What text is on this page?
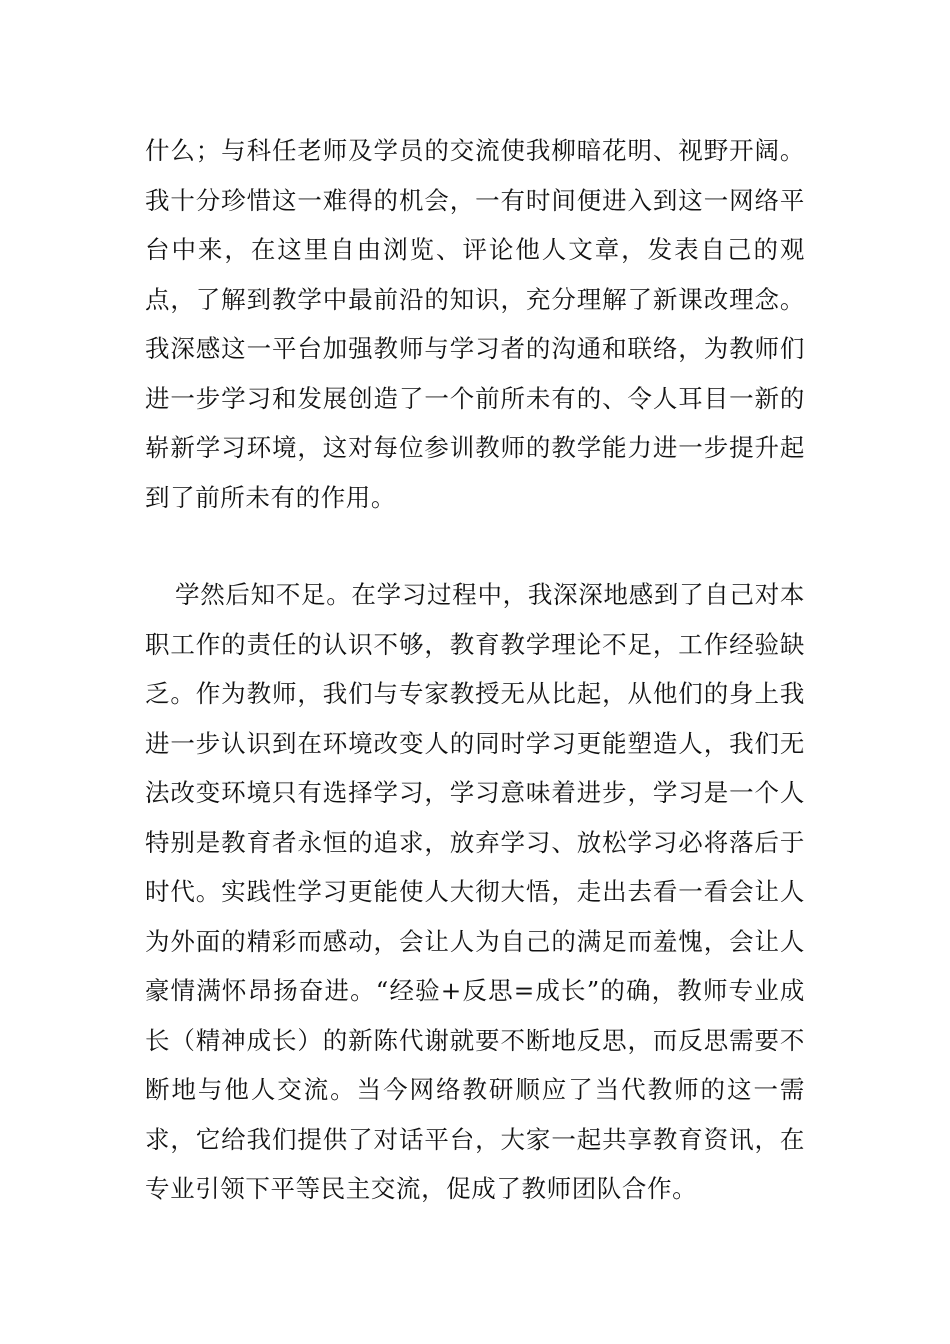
什么；与科任老师及学员的交流使我柳暗花明、视野开阔。我十分珍惜这一难得的机会，一有时间便进入到这一网络平台中来，在这里自由浏览、评论他人文章，发表自己的观点，了解到教学中最前沿的知识，充分理解了新课改理念。我深感这一平台加强教师与学习者的沟通和联络，为教师们进一步学习和发展创造了一个前所未有的、令人耳目一新的崭新学习环境，这对每位参训教师的教学能力进一步提升起到了前所未有的作用。

学然后知不足。在学习过程中，我深深地感到了自己对本职工作的责任的认识不够，教育教学理论不足，工作经验缺乏。作为教师，我们与专家教授无从比起，从他们的身上我进一步认识到在环境改变人的同时学习更能塑造人，我们无法改变环境只有选择学习，学习意味着进步，学习是一个人特别是教育者永恒的追求，放弃学习、放松学习必将落后于时代。实践性学习更能使人大彻大悟，走出去看一看会让人为外面的精彩而感动，会让人为自己的满足而羞愧，会让人豪情满怀昂扬奋进。“经验+反思=成长”的确，教师专业成长（精神成长）的新陈代谢就要不断地反思，而反思需要不断地与他人交流。当今网络教研顺应了当代教师的这一需求，它给我们提供了对话平台，大家一起共享教育资讯，在专业引领下平等民主交流，促成了教师团队合作。
